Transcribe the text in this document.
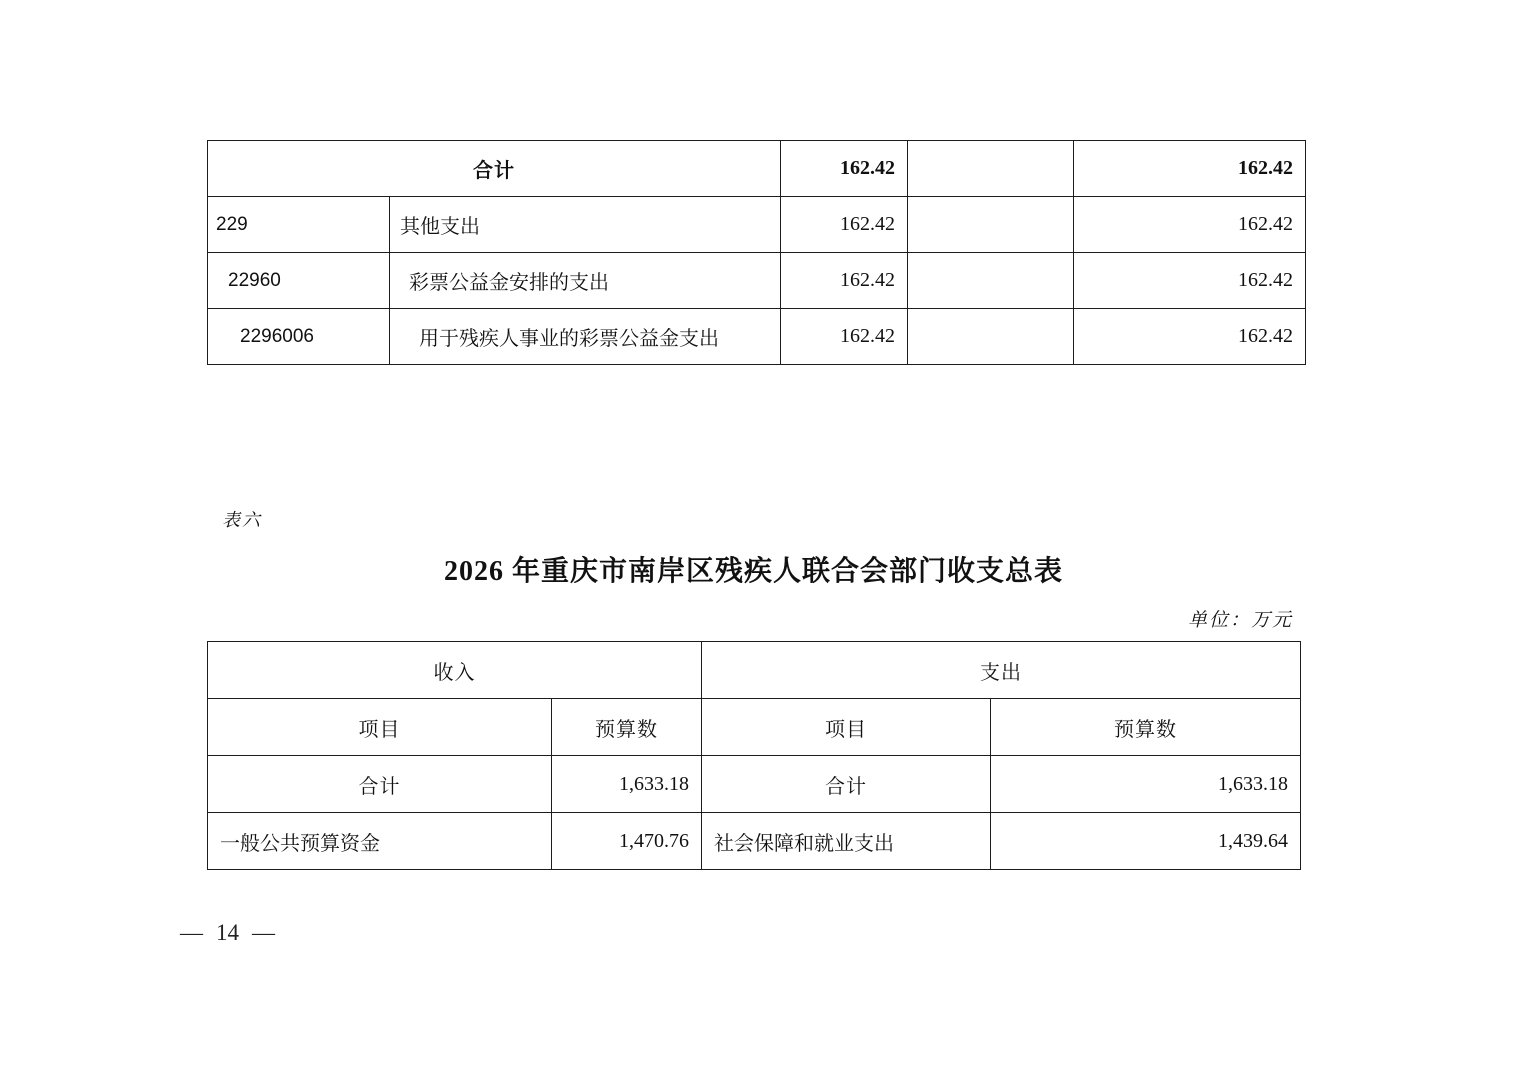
合计		162.42		162.42
229	其他支出	162.42		162.42
22960	彩票公益金安排的支出	162.42		162.42
2296006	用于残疾人事业的彩票公益金支出	162.42		162.42
表六
2026 年重庆市南岸区残疾人联合会部门收支总表
单位：万元
收入		支出	
项目	预算数	项目	预算数
合计	1,633.18	合计	1,633.18
一般公共预算资金	1,470.76	社会保障和就业支出	1,439.64
— 14 —
